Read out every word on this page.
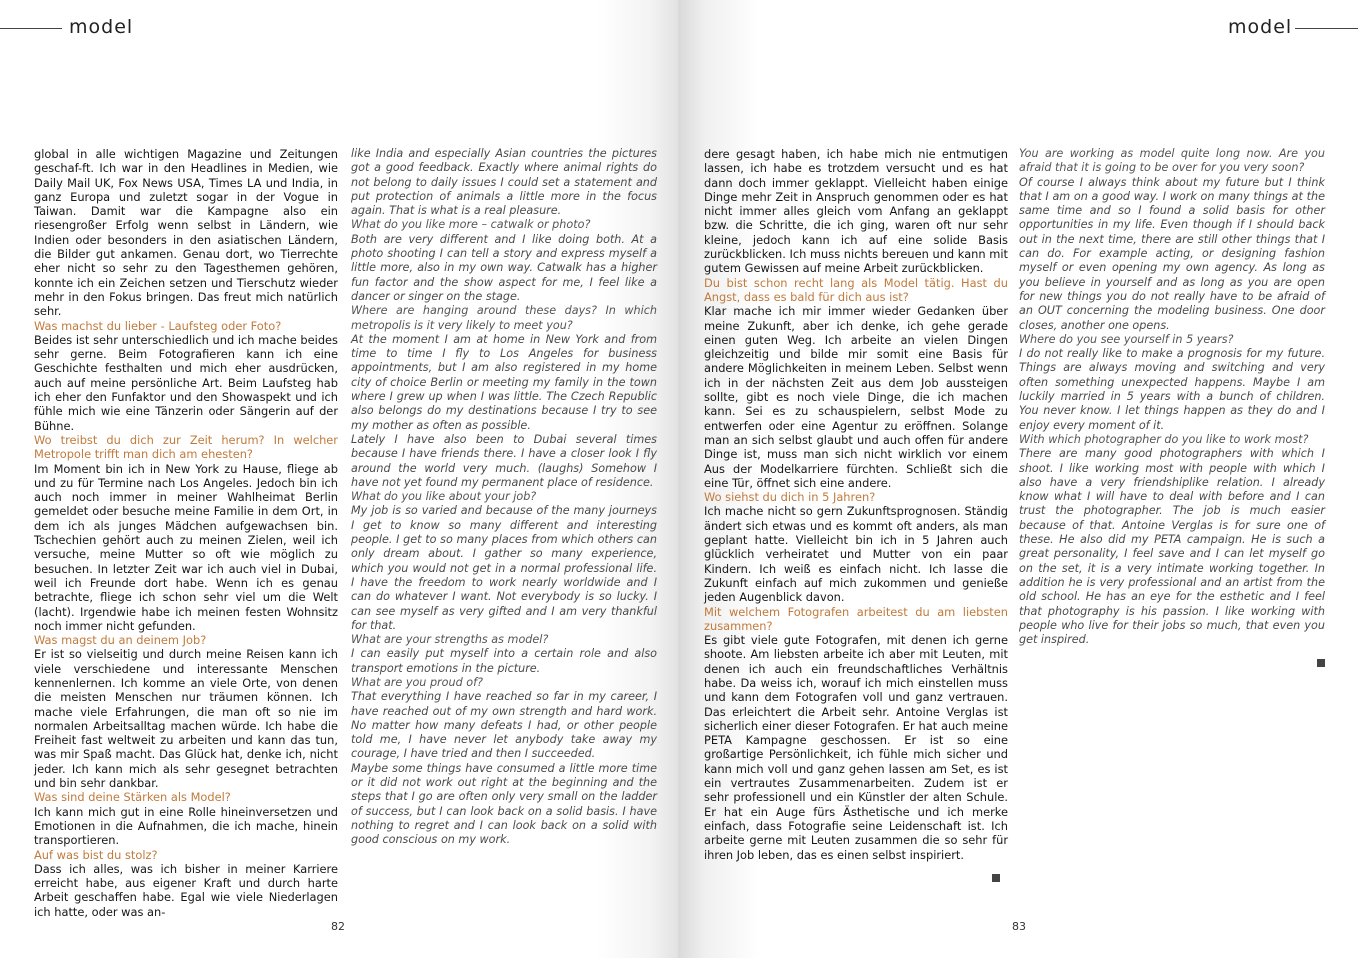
model

global in alle wichtigen Magazine und Zeitungen geschaf-ft. Ich war in den Headlines in Medien, wie Daily Mail UK, Fox News USA, Times LA und India, in ganz Europa und zuletzt sogar in der Vogue in Taiwan. Damit war die Kampagne also ein riesengroßer Erfolg wenn selbst in Ländern, wie Indien oder besonders in den asiatischen Ländern, die Bilder gut ankamen. Genau dort, wo Tierrechte eher nicht so sehr zu den Tagesthemen gehören, konnte ich ein Zeichen setzen und Tierschutz wieder mehr in den Fokus bringen. Das freut mich natürlich sehr.

Was machst du lieber - Laufsteg oder Foto?

Beides ist sehr unterschiedlich und ich mache beides sehr gerne. Beim Fotografieren kann ich eine Geschichte festhalten und mich eher ausdrücken, auch auf meine persönliche Art. Beim Laufsteg hab ich eher den Funfaktor und den Showaspekt und ich fühle mich wie eine Tänzerin oder Sängerin auf der Bühne.

Wo treibst du dich zur Zeit herum? In welcher Metropole trifft man dich am ehesten?

Im Moment bin ich in New York zu Hause, fliege ab und zu für Termine nach Los Angeles. Jedoch bin ich auch noch immer in meiner Wahlheimat Berlin gemeldet oder besuche meine Familie in dem Ort, in dem ich als junges Mädchen aufgewachsen bin. Tschechien gehört auch zu meinen Zielen, weil ich versuche, meine Mutter so oft wie möglich zu besuchen. In letzter Zeit war ich auch viel in Dubai, weil ich Freunde dort habe. Wenn ich es genau betrachte, fliege ich schon sehr viel um die Welt (lacht). Irgendwie habe ich meinen festen Wohnsitz noch immer nicht gefunden.

Was magst du an deinem Job?

Er ist so vielseitig und durch meine Reisen kann ich viele verschiedene und interessante Menschen kennenlernen. Ich komme an viele Orte, von denen die meisten Menschen nur träumen können. Ich mache viele Erfahrungen, die man oft so nie im normalen Arbeitsalltag machen würde. Ich habe die Freiheit fast weltweit zu arbeiten und kann das tun, was mir Spaß macht. Das Glück hat, denke ich, nicht jeder. Ich kann mich als sehr gesegnet betrachten und bin sehr dankbar.

Was sind deine Stärken als Model?

Ich kann mich gut in eine Rolle hineinversetzen und Emotionen in die Aufnahmen, die ich mache, hinein transportieren.

Auf was bist du stolz?

Dass ich alles, was ich bisher in meiner Karriere erreicht habe, aus eigener Kraft und durch harte Arbeit geschaffen habe. Egal wie viele Niederlagen ich hatte, oder was an-

like India and especially Asian countries the pictures got a good feedback. Exactly where animal rights do not belong to daily issues I could set a statement and put protection of animals a little more in the focus again. That is what is a real pleasure.

What do you like more – catwalk or photo?

Both are very different and I like doing both. At a photo shooting I can tell a story and express myself a little more, also in my own way. Catwalk has a higher fun factor and the show aspect for me, I feel like a dancer or singer on the stage.

Where are hanging around these days? In which metropolis is it very likely to meet you?

At the moment I am at home in New York and from time to time I fly to Los Angeles for business appointments, but I am also registered in my home city of choice Berlin or meeting my family in the town where I grew up when I was little. The Czech Republic also belongs do my destinations because I try to see my mother as often as possible.

Lately I have also been to Dubai several times because I have friends there. I have a closer look I fly around the world very much. (laughs) Somehow I have not yet found my permanent place of residence.

What do you like about your job?

My job is so varied and because of the many journeys I get to know so many different and interesting people. I get to so many places from which others can only dream about. I gather so many experience, which you would not get in a normal professional life. I have the freedom to work nearly worldwide and I can do whatever I want. Not everybody is so lucky. I can see myself as very gifted and I am very thankful for that.

What are your strengths as model?

I can easily put myself into a certain role and also transport emotions in the picture.

What are you proud of?

That everything I have reached so far in my career, I have reached out of my own strength and hard work. No matter how many defeats I had, or other people told me, I have never let anybody take away my courage, I have tried and then I succeeded.

Maybe some things have consumed a little more time or it did not work out right at the beginning and the steps that I go are often only very small on the ladder of success, but I can look back on a solid basis. I have nothing to regret and I can look back on a solid with good conscious on my work.

82
model

dere gesagt haben, ich habe mich nie entmutigen lassen, ich habe es trotzdem versucht und es hat dann doch immer geklappt. Vielleicht haben einige Dinge mehr Zeit in Anspruch genommen oder es hat nicht immer alles gleich vom Anfang an geklappt bzw. die Schritte, die ich ging, waren oft nur sehr kleine, jedoch kann ich auf eine solide Basis zurückblicken. Ich muss nichts bereuen und kann mit gutem Gewissen auf meine Arbeit zurückblicken.

Du bist schon recht lang als Model tätig. Hast du Angst, dass es bald für dich aus ist?

Klar mache ich mir immer wieder Gedanken über meine Zukunft, aber ich denke, ich gehe gerade einen guten Weg. Ich arbeite an vielen Dingen gleichzeitig und bilde mir somit eine Basis für andere Möglichkeiten in meinem Leben. Selbst wenn ich in der nächsten Zeit aus dem Job aussteigen sollte, gibt es noch viele Dinge, die ich machen kann. Sei es zu schauspielern, selbst Mode zu entwerfen oder eine Agentur zu eröffnen. Solange man an sich selbst glaubt und auch offen für andere Dinge ist, muss man sich nicht wirklich vor einem Aus der Modelkarriere fürchten. Schließt sich die eine Tür, öffnet sich eine andere.

Wo siehst du dich in 5 Jahren?

Ich mache nicht so gern Zukunftsprognosen. Ständig ändert sich etwas und es kommt oft anders, als man geplant hatte. Vielleicht bin ich in 5 Jahren auch glücklich verheiratet und Mutter von ein paar Kindern. Ich weiß es einfach nicht. Ich lasse die Zukunft einfach auf mich zukommen und genieße jeden Augenblick davon.

Mit welchem Fotografen arbeitest du am liebsten zusammen?

Es gibt viele gute Fotografen, mit denen ich gerne shoote. Am liebsten arbeite ich aber mit Leuten, mit denen ich auch ein freundschaftliches Verhältnis habe. Da weiss ich, worauf ich mich einstellen muss und kann dem Fotografen voll und ganz vertrauen. Das erleichtert die Arbeit sehr. Antoine Verglas ist sicherlich einer dieser Fotografen. Er hat auch meine PETA Kampagne geschossen. Er ist so eine großartige Persönlichkeit, ich fühle mich sicher und kann mich voll und ganz gehen lassen am Set, es ist ein vertrautes Zusammenarbeiten. Zudem ist er sehr professionell und ein Künstler der alten Schule. Er hat ein Auge fürs Ästhetische und ich merke einfach, dass Fotografie seine Leidenschaft ist. Ich arbeite gerne mit Leuten zusammen die so sehr für ihren Job leben, das es einen selbst inspiriert.

You are working as model quite long now. Are you afraid that it is going to be over for you very soon?

Of course I always think about my future but I think that I am on a good way. I work on many things at the same time and so I found a solid basis for other opportunities in my life. Even though if I should back out in the next time, there are still other things that I can do. For example acting, or designing fashion myself or even opening my own agency. As long as you believe in yourself and as long as you are open for new things you do not really have to be afraid of an OUT concerning the modeling business. One door closes, another one opens.

Where do you see yourself in 5 years?

I do not really like to make a prognosis for my future. Things are always moving and switching and very often something unexpected happens. Maybe I am luckily married in 5 years with a bunch of children. You never know. I let things happen as they do and I enjoy every moment of it.

With which photographer do you like to work most?

There are many good photographers with which I shoot. I like working most with people with which I also have a very friendshiplike relation. I already know what I will have to deal with before and I can trust the photographer. The job is much easier because of that. Antoine Verglas is for sure one of these. He also did my PETA campaign. He is such a great personality, I feel save and I can let myself go on the set, it is a very intimate working together. In addition he is very professional and an artist from the old school. He has an eye for the esthetic and I feel that photography is his passion. I like working with people who live for their jobs so much, that even you get inspired.

83
